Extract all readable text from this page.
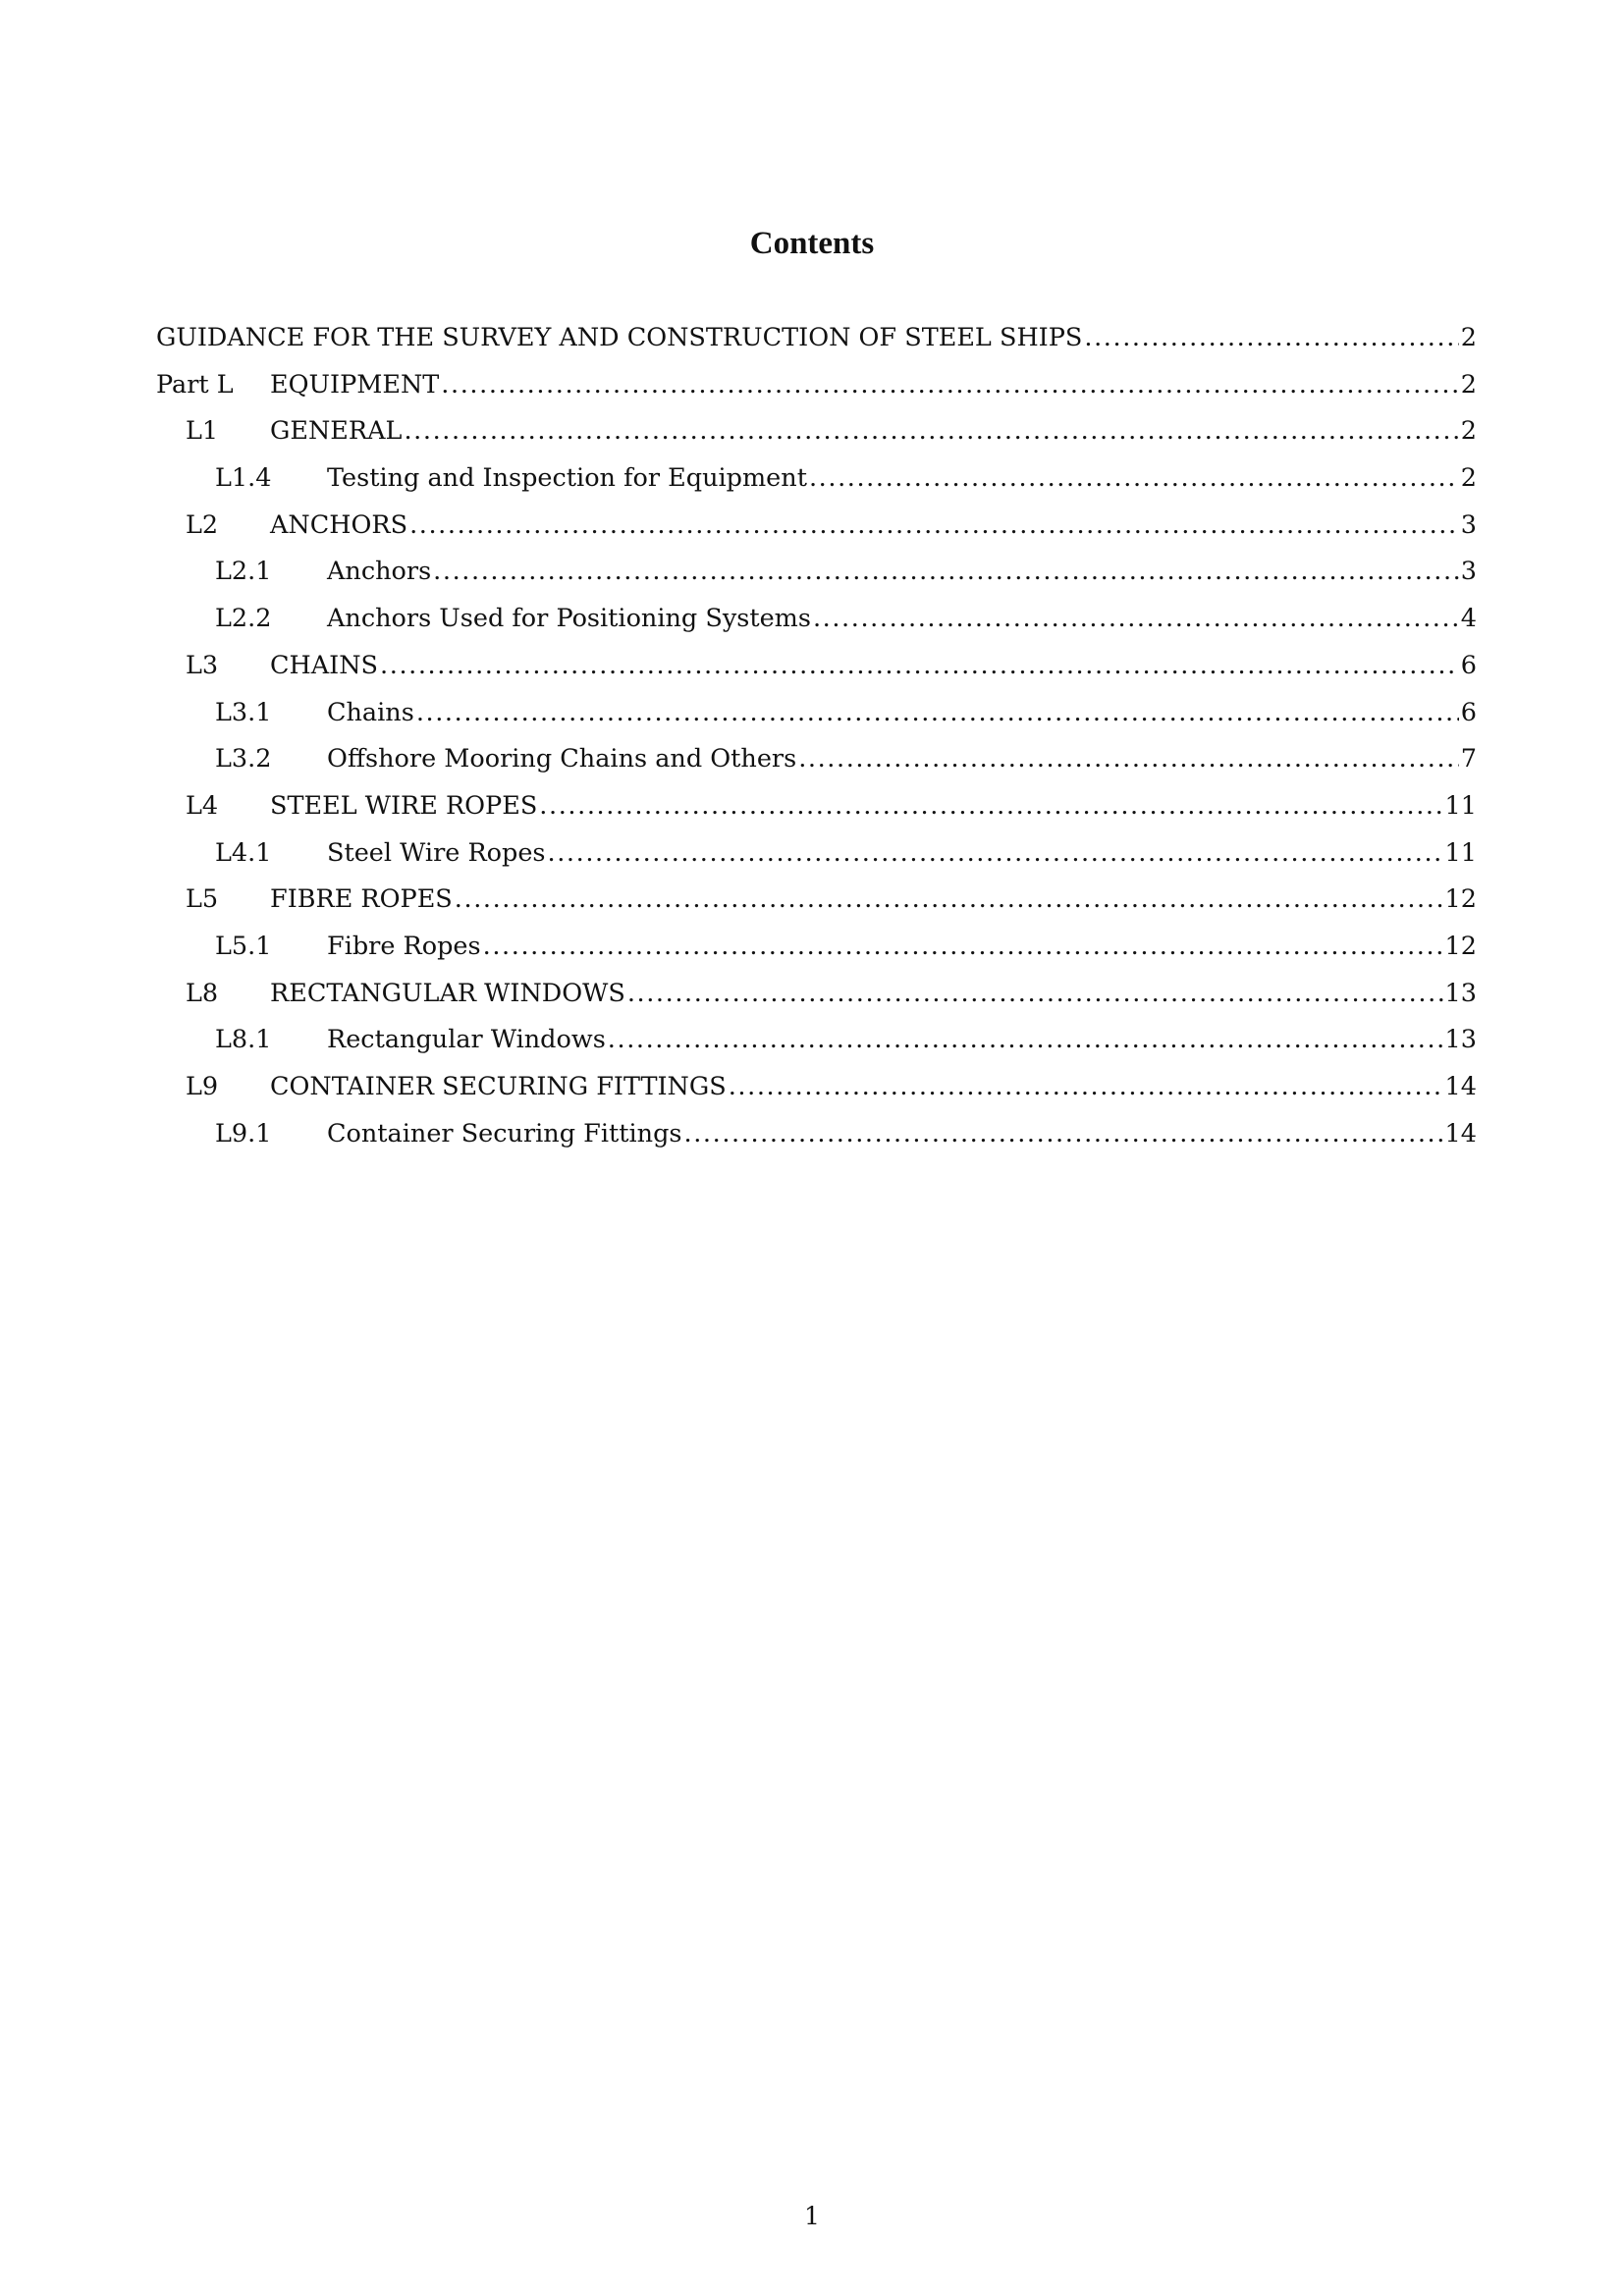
Contents
GUIDANCE FOR THE SURVEY AND CONSTRUCTION OF STEEL SHIPS .....	2
Part L	EQUIPMENT .....	2
L1	GENERAL .....	2
L1.4	Testing and Inspection for Equipment .....	2
L2	ANCHORS .....	3
L2.1	Anchors .....	3
L2.2	Anchors Used for Positioning Systems .....	4
L3	CHAINS .....	6
L3.1	Chains .....	6
L3.2	Offshore Mooring Chains and Others .....	7
L4	STEEL WIRE ROPES .....	11
L4.1	Steel Wire Ropes .....	11
L5	FIBRE ROPES .....	12
L5.1	Fibre Ropes .....	12
L8	RECTANGULAR WINDOWS .....	13
L8.1	Rectangular Windows .....	13
L9	CONTAINER SECURING FITTINGS .....	14
L9.1	Container Securing Fittings .....	14
1
